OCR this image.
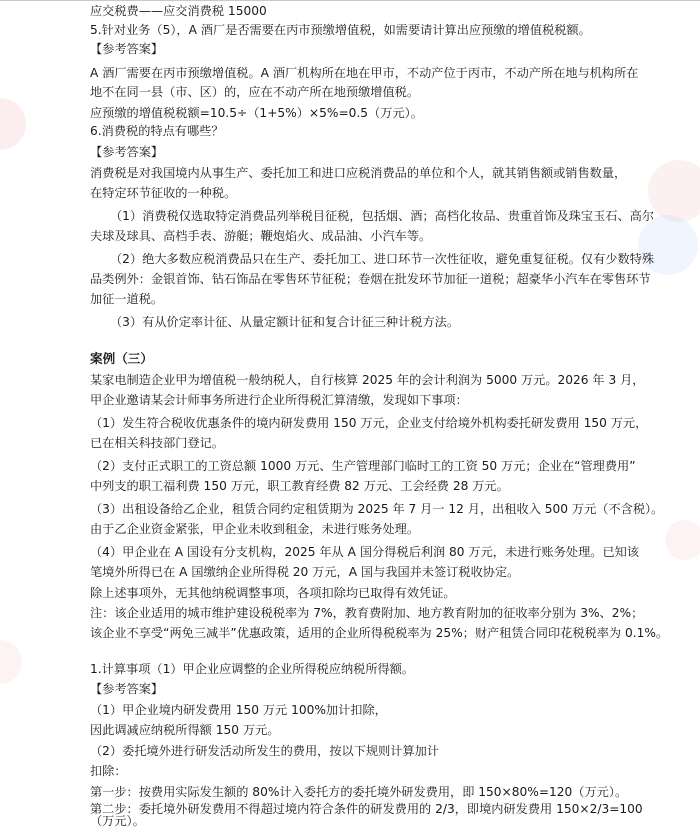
应交税费——应交消费税 15000
5.针对业务（5），A 酒厂是否需要在丙市预缴增值税，如需要请计算出应预缴的增值税税额。
【参考答案】
A 酒厂需要在丙市预缴增值税。A 酒厂机构所在地在甲市，不动产位于丙市，不动产所在地与机构所在
地不在同一县（市、区）的，应在不动产所在地预缴增值税。
应预缴的增值税税额=10.5÷（1+5%）×5%=0.5（万元）。
6.消费税的特点有哪些？
【参考答案】
消费税是对我国境内从事生产、委托加工和进口应税消费品的单位和个人，就其销售额或销售数量，
在特定环节征收的一种税。
（1）消费税仅选取特定消费品列举税目征税，包括烟、酒；高档化妆品、贵重首饰及珠宝玉石、高尔
夫球及球具、高档手表、游艇；鞭炮焰火、成品油、小汽车等。
（2）绝大多数应税消费品只在生产、委托加工、进口环节一次性征收，避免重复征税。仅有少数特殊
品类例外：金银首饰、钻石饰品在零售环节征税；卷烟在批发环节加征一道税；超豪华小汽车在零售环节
加征一道税。
（3）有从价定率计征、从量定额计征和复合计征三种计税方法。
案例（三）
某家电制造企业甲为增值税一般纳税人，自行核算 2025 年的会计利润为 5000 万元。2026 年 3 月，
甲企业邀请某会计师事务所进行企业所得税汇算清缴，发现如下事项：
（1）发生符合税收优惠条件的境内研发费用 150 万元，企业支付给境外机构委托研发费用 150 万元，
已在相关科技部门登记。
（2）支付正式职工的工资总额 1000 万元、生产管理部门临时工的工资 50 万元；企业在“管理费用”
中列支的职工福利费 150 万元，职工教育经费 82 万元、工会经费 28 万元。
（3）出租设备给乙企业，租赁合同约定租赁期为 2025 年 7 月一 12 月，出租收入 500 万元（不含税）。
由于乙企业资金紧张，甲企业未收到租金，未进行账务处理。
（4）甲企业在 A 国设有分支机构，2025 年从 A 国分得税后利润 80 万元，未进行账务处理。已知该
笔境外所得已在 A 国缴纳企业所得税 20 万元，A 国与我国并未签订税收协定。
除上述事项外，无其他纳税调整事项，各项扣除均已取得有效凭证。
注：该企业适用的城市维护建设税税率为 7%，教育费附加、地方教育附加的征收率分别为 3%、2%；
该企业不享受“两免三减半”优惠政策，适用的企业所得税税率为 25%；财产租赁合同印花税税率为 0.1%。
1.计算事项（1）甲企业应调整的企业所得税应纳税所得额。
【参考答案】
（1）甲企业境内研发费用 150 万元 100%加计扣除，
因此调减应纳税所得额 150 万元。
（2）委托境外进行研发活动所发生的费用，按以下规则计算加计
扣除：
第一步：按费用实际发生额的 80%计入委托方的委托境外研发费用，即 150×80%=120（万元）。
第二步：委托境外研发费用不得超过境内符合条件的研发费用的 2/3，即境内研发费用 150×2/3=100
（万元）。
